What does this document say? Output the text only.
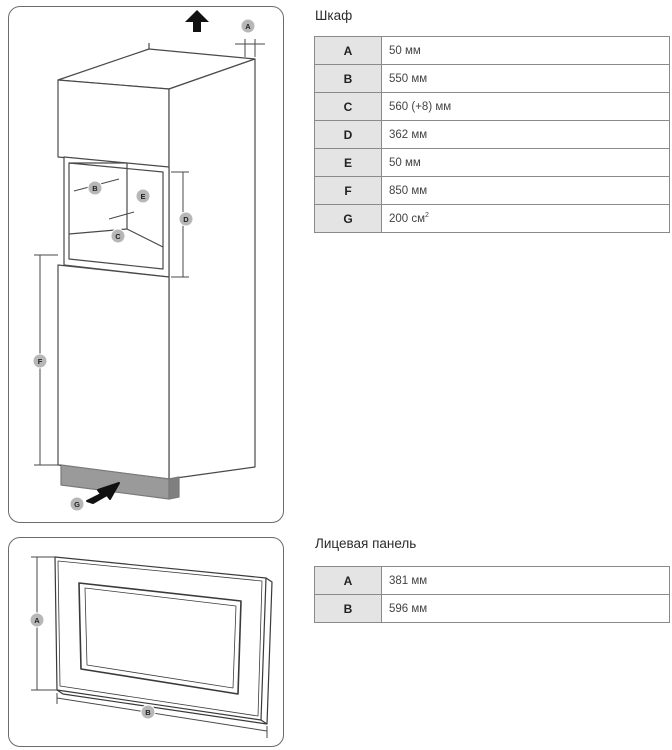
A
B
C
D
E
F
G
Шкаф
A	50 мм
B	550 мм
C	560 (+8) мм
D	362 мм
E	50 мм
F	850 мм
G	200 $см^2$
A
B
Лицевая панель
A	381 мм
B	596 мм
